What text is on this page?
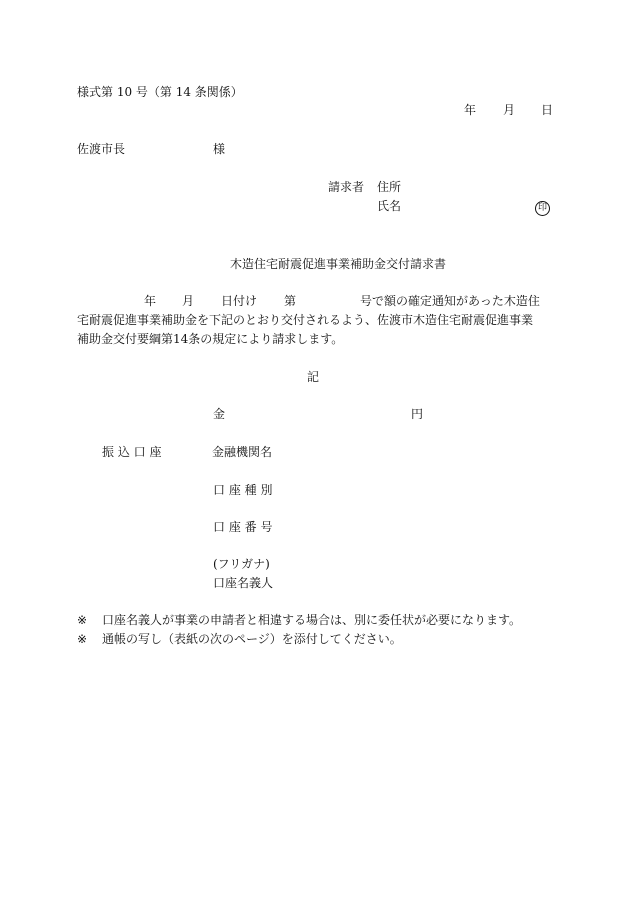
様式第 10 号（第 14 条関係）
年 月 日
佐渡市長	様
請求者 住所
氏名	印
木造住宅耐震促進事業補助金交付請求書
年 月 日付け 第	号で額の確定通知があった木造住
宅耐震促進事業補助金を下記のとおり交付されるよう、佐渡市木造住宅耐震促進事業
補助金交付要綱第14条の規定により請求します。
記
金	円
振 込 口 座	金融機関名
口 座 種 別
口 座 番 号
(フリガナ)
口座名義人
※ 口座名義人が事業の申請者と相違する場合は、別に委任状が必要になります。
※ 通帳の写し（表紙の次のページ）を添付してください。
